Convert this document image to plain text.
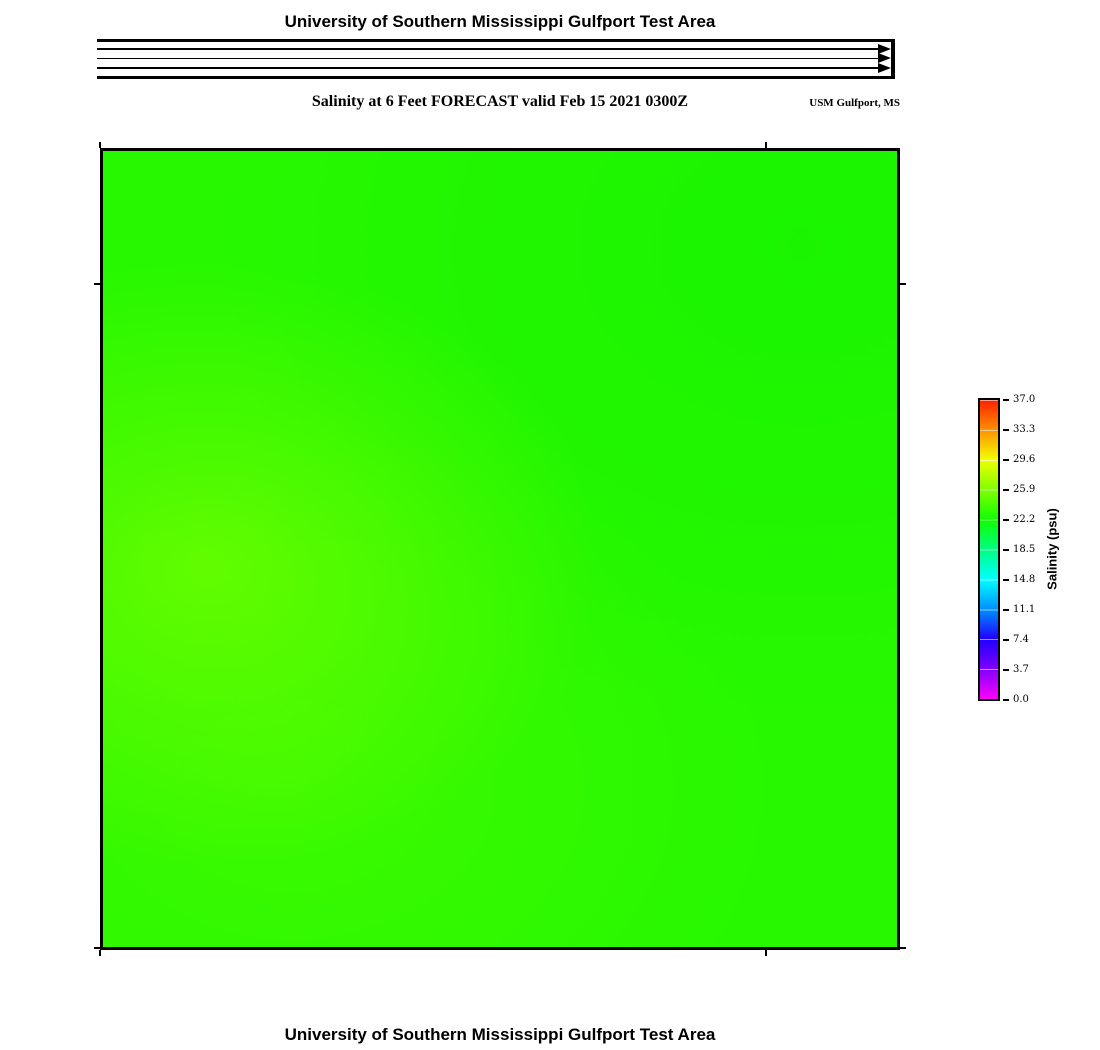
University of Southern Mississippi Gulfport Test Area
Salinity at 6 Feet FORECAST valid Feb 15 2021 0300Z	USM Gulfport, MS
37.0
33.3
29.6
25.9
22.2
18.5
14.8
11.1
7.4
3.7
0.0
Salinity (psu)
University of Southern Mississippi Gulfport Test Area
